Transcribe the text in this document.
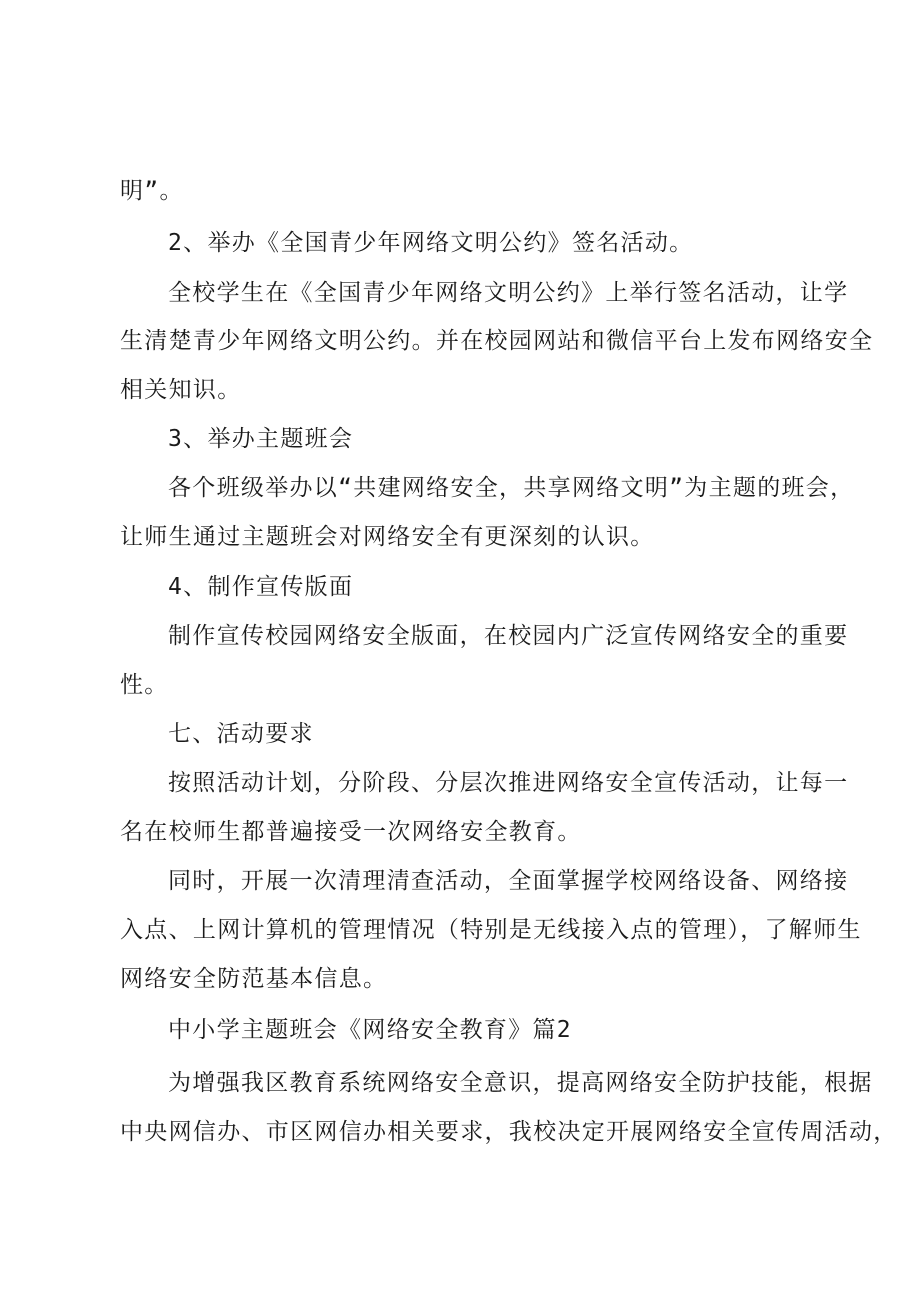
明”。

2、举办《全国青少年网络文明公约》签名活动。

全校学生在《全国青少年网络文明公约》上举行签名活动，让学

生清楚青少年网络文明公约。并在校园网站和微信平台上发布网络安全

相关知识。

3、举办主题班会

各个班级举办以“共建网络安全，共享网络文明”为主题的班会，

让师生通过主题班会对网络安全有更深刻的认识。

4、制作宣传版面

制作宣传校园网络安全版面，在校园内广泛宣传网络安全的重要

性。

七、活动要求

按照活动计划，分阶段、分层次推进网络安全宣传活动，让每一

名在校师生都普遍接受一次网络安全教育。

同时，开展一次清理清查活动，全面掌握学校网络设备、网络接

入点、上网计算机的管理情况（特别是无线接入点的管理），了解师生

网络安全防范基本信息。

中小学主题班会《网络安全教育》篇2

为增强我区教育系统网络安全意识，提高网络安全防护技能，根据

中央网信办、市区网信办相关要求，我校决定开展网络安全宣传周活动，
